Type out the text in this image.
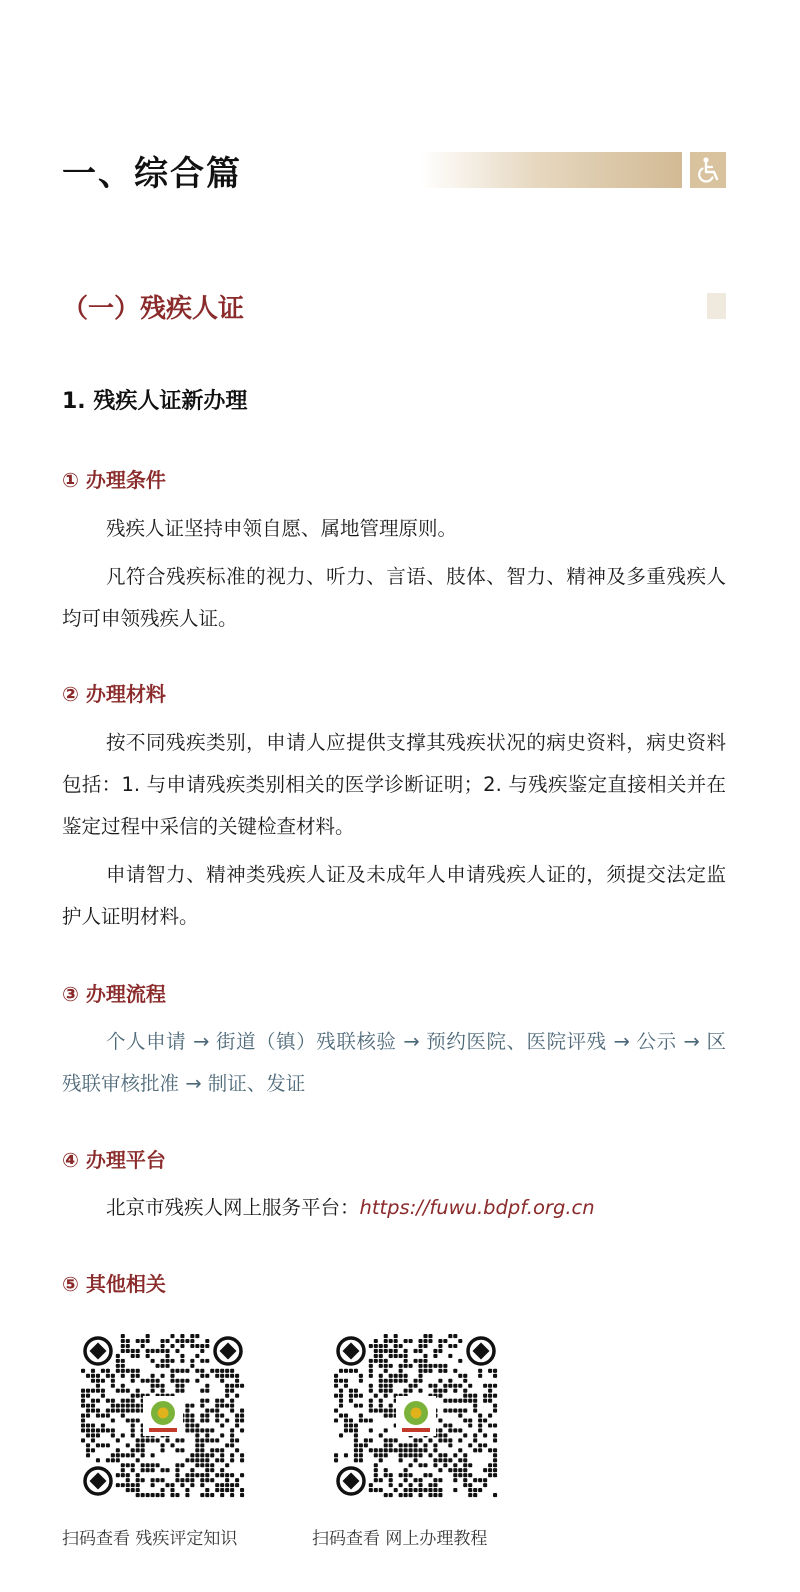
一、综合篇
（一）残疾人证
1. 残疾人证新办理
① 办理条件

残疾人证坚持申领自愿、属地管理原则。

凡符合残疾标准的视力、听力、言语、肢体、智力、精神及多重残疾人均可申领残疾人证。

② 办理材料

按不同残疾类别，申请人应提供支撑其残疾状况的病史资料，病史资料包括：1. 与申请残疾类别相关的医学诊断证明；2. 与残疾鉴定直接相关并在鉴定过程中采信的关键检查材料。

申请智力、精神类残疾人证及未成年人申请残疾人证的，须提交法定监护人证明材料。

③ 办理流程

个人申请 → 街道（镇）残联核验 → 预约医院、医院评残 → 公示 → 区残联审核批准 → 制证、发证

④ 办理平台

北京市残疾人网上服务平台：https://fuwu.bdpf.org.cn

⑤ 其他相关
扫码查看 残疾评定知识	扫码查看 网上办理教程
